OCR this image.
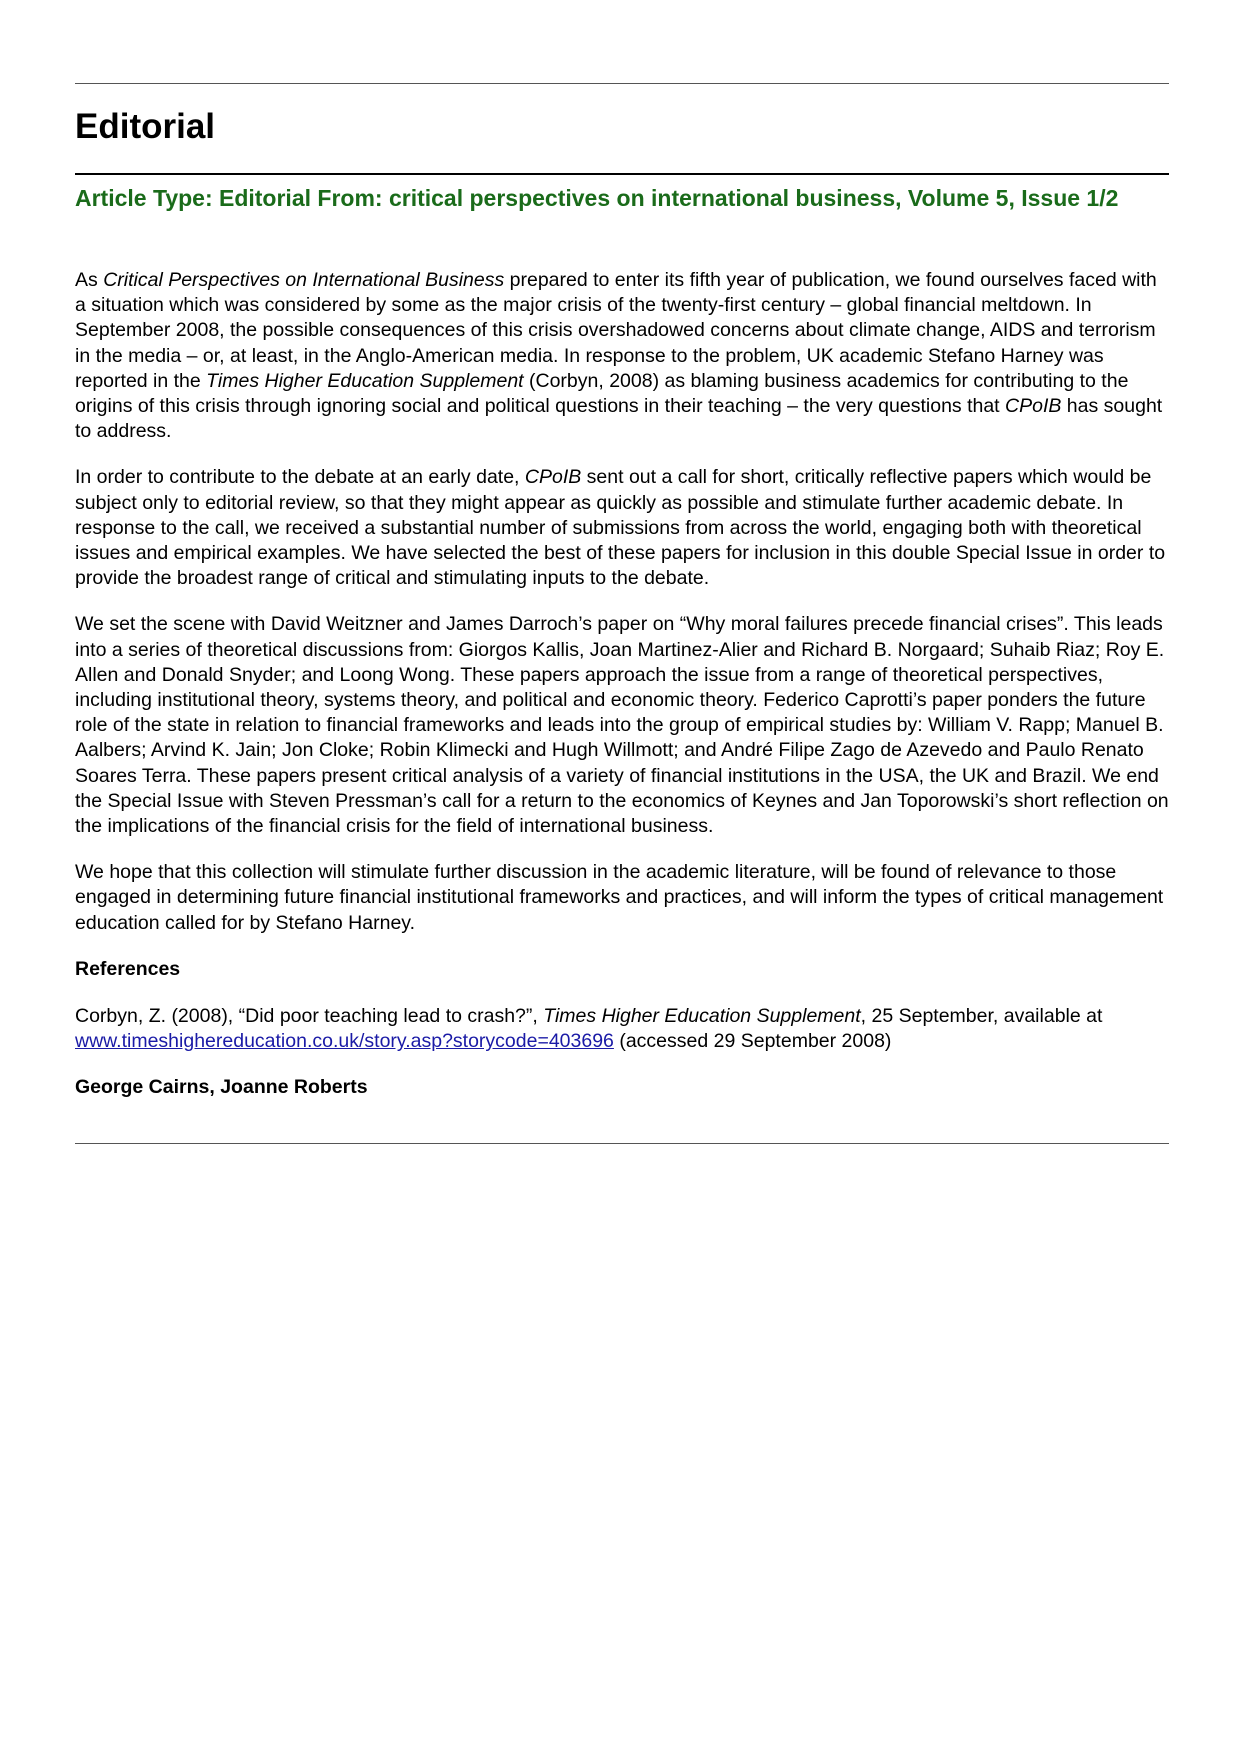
Editorial
Article Type: Editorial From: critical perspectives on international business, Volume 5, Issue 1/2

As Critical Perspectives on International Business prepared to enter its fifth year of publication, we found ourselves faced with a situation which was considered by some as the major crisis of the twenty-first century – global financial meltdown. In September 2008, the possible consequences of this crisis overshadowed concerns about climate change, AIDS and terrorism in the media – or, at least, in the Anglo-American media. In response to the problem, UK academic Stefano Harney was reported in the Times Higher Education Supplement (Corbyn, 2008) as blaming business academics for contributing to the origins of this crisis through ignoring social and political questions in their teaching – the very questions that CPoIB has sought to address.

In order to contribute to the debate at an early date, CPoIB sent out a call for short, critically reflective papers which would be subject only to editorial review, so that they might appear as quickly as possible and stimulate further academic debate. In response to the call, we received a substantial number of submissions from across the world, engaging both with theoretical issues and empirical examples. We have selected the best of these papers for inclusion in this double Special Issue in order to provide the broadest range of critical and stimulating inputs to the debate.

We set the scene with David Weitzner and James Darroch’s paper on “Why moral failures precede financial crises”. This leads into a series of theoretical discussions from: Giorgos Kallis, Joan Martinez-Alier and Richard B. Norgaard; Suhaib Riaz; Roy E. Allen and Donald Snyder; and Loong Wong. These papers approach the issue from a range of theoretical perspectives, including institutional theory, systems theory, and political and economic theory. Federico Caprotti’s paper ponders the future role of the state in relation to financial frameworks and leads into the group of empirical studies by: William V. Rapp; Manuel B. Aalbers; Arvind K. Jain; Jon Cloke; Robin Klimecki and Hugh Willmott; and André Filipe Zago de Azevedo and Paulo Renato Soares Terra. These papers present critical analysis of a variety of financial institutions in the USA, the UK and Brazil. We end the Special Issue with Steven Pressman’s call for a return to the economics of Keynes and Jan Toporowski’s short reflection on the implications of the financial crisis for the field of international business.

We hope that this collection will stimulate further discussion in the academic literature, will be found of relevance to those engaged in determining future financial institutional frameworks and practices, and will inform the types of critical management education called for by Stefano Harney.

References

Corbyn, Z. (2008), “Did poor teaching lead to crash?”, Times Higher Education Supplement, 25 September, available at www.timeshighereducation.co.uk/story.asp?storycode=403696 (accessed 29 September 2008)

George Cairns, Joanne Roberts
